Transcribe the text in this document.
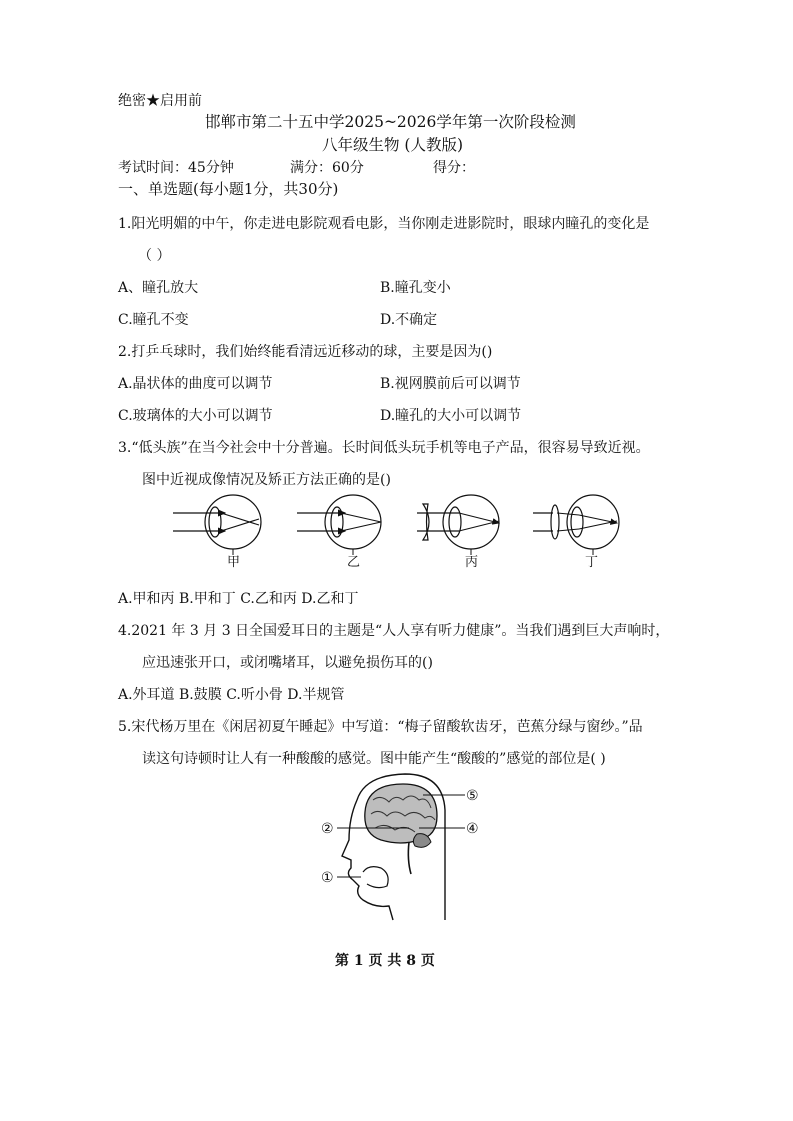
绝密★启用前
邯郸市第二十五中学2025~2026学年第一次阶段检测
八年级生物 (人教版)
考试时间：45分钟	满分：60分	得分：
一、单选题(每小题1分，共30分)
1.阳光明媚的中午，你走进电影院观看电影，当你刚走进影院时，眼球内瞳孔的变化是
（ ）
A、瞳孔放大	B.瞳孔变小
C.瞳孔不变	D.不确定
2.打乒乓球时，我们始终能看清远近移动的球，主要是因为()
A.晶状体的曲度可以调节	B.视网膜前后可以调节
C.玻璃体的大小可以调节	D.瞳孔的大小可以调节
3.“低头族”在当今社会中十分普遍。长时间低头玩手机等电子产品，很容易导致近视。
图中近视成像情况及矫正方法正确的是()
甲	乙	丙	丁
A.甲和丙 B.甲和丁 C.乙和丙 D.乙和丁
4.2021 年 3 月 3 日全国爱耳日的主题是“人人享有听力健康”。当我们遇到巨大声响时，
应迅速张开口，或闭嘴堵耳，以避免损伤耳的()
A.外耳道 B.鼓膜 C.听小骨 D.半规管
5.宋代杨万里在《闲居初夏午睡起》中写道：“梅子留酸软齿牙，芭蕉分绿与窗纱。”品
读这句诗顿时让人有一种酸酸的感觉。图中能产生“酸酸的”感觉的部位是( )
②	④
⑤
①
第 1 页 共 8 页
